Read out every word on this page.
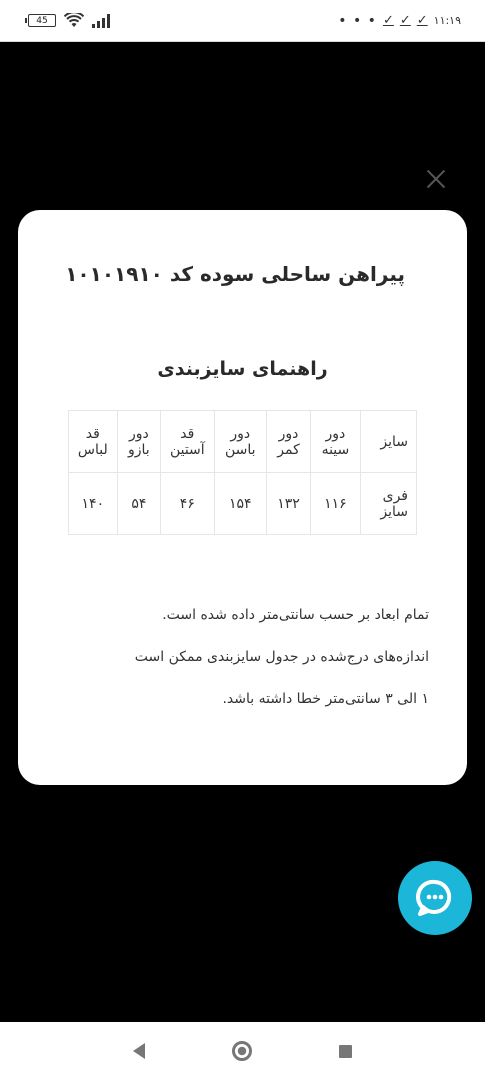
45	• • • ✓ ✓ ✓ ۱۱:۱۹
پیراهن ساحلی سوده کد ۱۰۱۰۱۹۱۰
راهنمای سایزبندی
سایز	دور سینه	دور کمر	دور باسن	قد آستین	دور بازو	قد لباس
فری سایز	۱۱۶	۱۳۲	۱۵۴	۴۶	۵۴	۱۴۰
تمام ابعاد بر حسب سانتی‌متر داده شده است.
اندازه‌های درج‌شده در جدول سایزبندی ممکن است
۱ الی ۳ سانتی‌متر خطا داشته باشد.
